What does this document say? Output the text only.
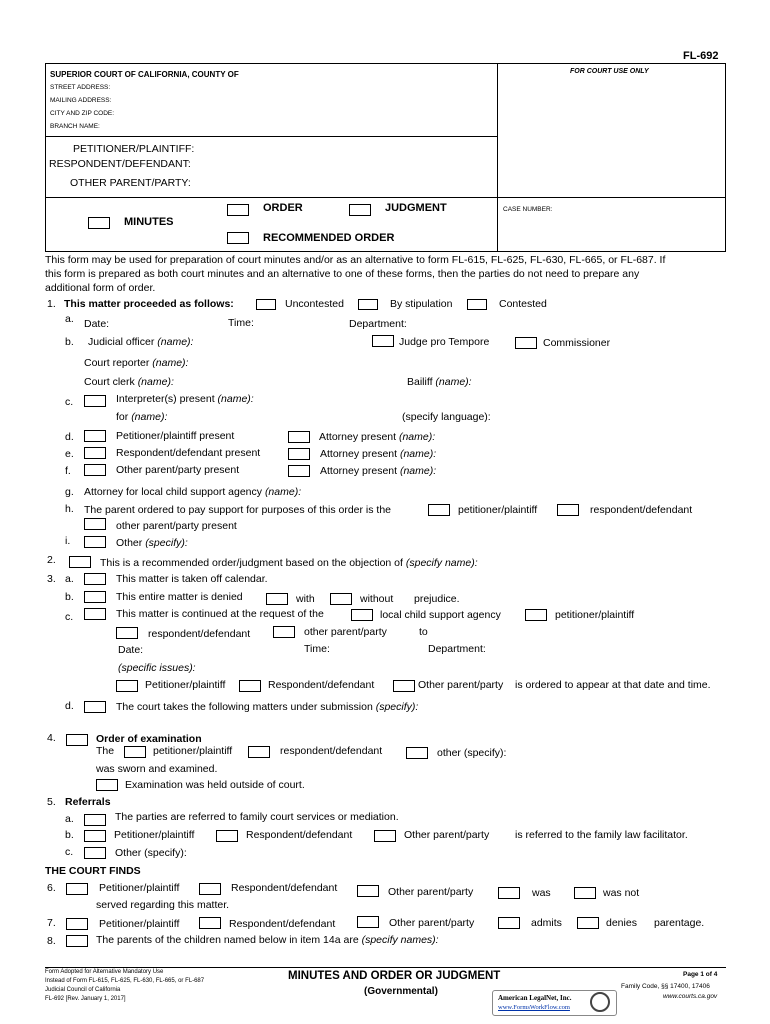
FL-692
SUPERIOR COURT OF CALIFORNIA, COUNTY OF	FOR COURT USE ONLY
STREET ADDRESS:
MAILING ADDRESS:
CITY AND ZIP CODE:
BRANCH NAME:
PETITIONER/PLAINTIFF:
RESPONDENT/DEFENDANT:
OTHER PARENT/PARTY:
MINUTES
ORDER	JUDGMENT
RECOMMENDED ORDER
CASE NUMBER:
This form may be used for preparation of court minutes and/or as an alternative to form FL-615, FL-625, FL-630, FL-665, or FL-687. If
this form is prepared as both court minutes and an alternative to one of these forms, then the parties do not need to prepare any
additional form of order.
1. This matter proceeded as follows:	Uncontested	By stipulation	Contested
a. Date:	Time:	Department:
b. Judicial officer (name):	Judge pro Tempore	Commissioner
Court reporter (name):
Court clerk (name):	Bailiff (name):
c.	Interpreter(s) present (name):
for (name):	(specify language):
d.	Petitioner/plaintiff present	Attorney present (name):
e.	Respondent/defendant present	Attorney present (name):
f.	Other parent/party present	Attorney present (name):
g. Attorney for local child support agency (name):
h. The parent ordered to pay support for purposes of this order is the	petitioner/plaintiff	respondent/defendant
other parent/party present
i.	Other (specify):
2.	This is a recommended order/judgment based on the objection of (specify name):
3. a.	This matter is taken off calendar.
b.	This entire matter is denied	with	without prejudice.
c.	This matter is continued at the request of the	local child support agency	petitioner/plaintiff
respondent/defendant	other parent/party	to
Date:	Time:	Department:
(specific issues):
Petitioner/plaintiff	Respondent/defendant	Other parent/party is ordered to appear at that date and time.
d.	The court takes the following matters under submission (specify):
4.	Order of examination
The	petitioner/plaintiff	respondent/defendant	other (specify):
was sworn and examined.
Examination was held outside of court.
5. Referrals
a.	The parties are referred to family court services or mediation.
b.	Petitioner/plaintiff	Respondent/defendant	Other parent/party is referred to the family law facilitator.
c.	Other (specify):
THE COURT FINDS
6.	Petitioner/plaintiff	Respondent/defendant	Other parent/party	was	was not
served regarding this matter.
7.	Petitioner/plaintiff	Respondent/defendant	Other parent/party	admits	denies parentage.
8.	The parents of the children named below in item 14a are (specify names):
Form Adopted for Alternative Mandatory Use
Instead of Form FL-615, FL-625, FL-630, FL-665, or FL-687
Judicial Council of California
FL-692 [Rev. January 1, 2017]
MINUTES AND ORDER OR JUDGMENT
(Governmental)
Page 1 of 4
Family Code, §§ 17400, 17406
www.courts.ca.gov
American LegalNet, Inc.
www.FormsWorkFlow.com
